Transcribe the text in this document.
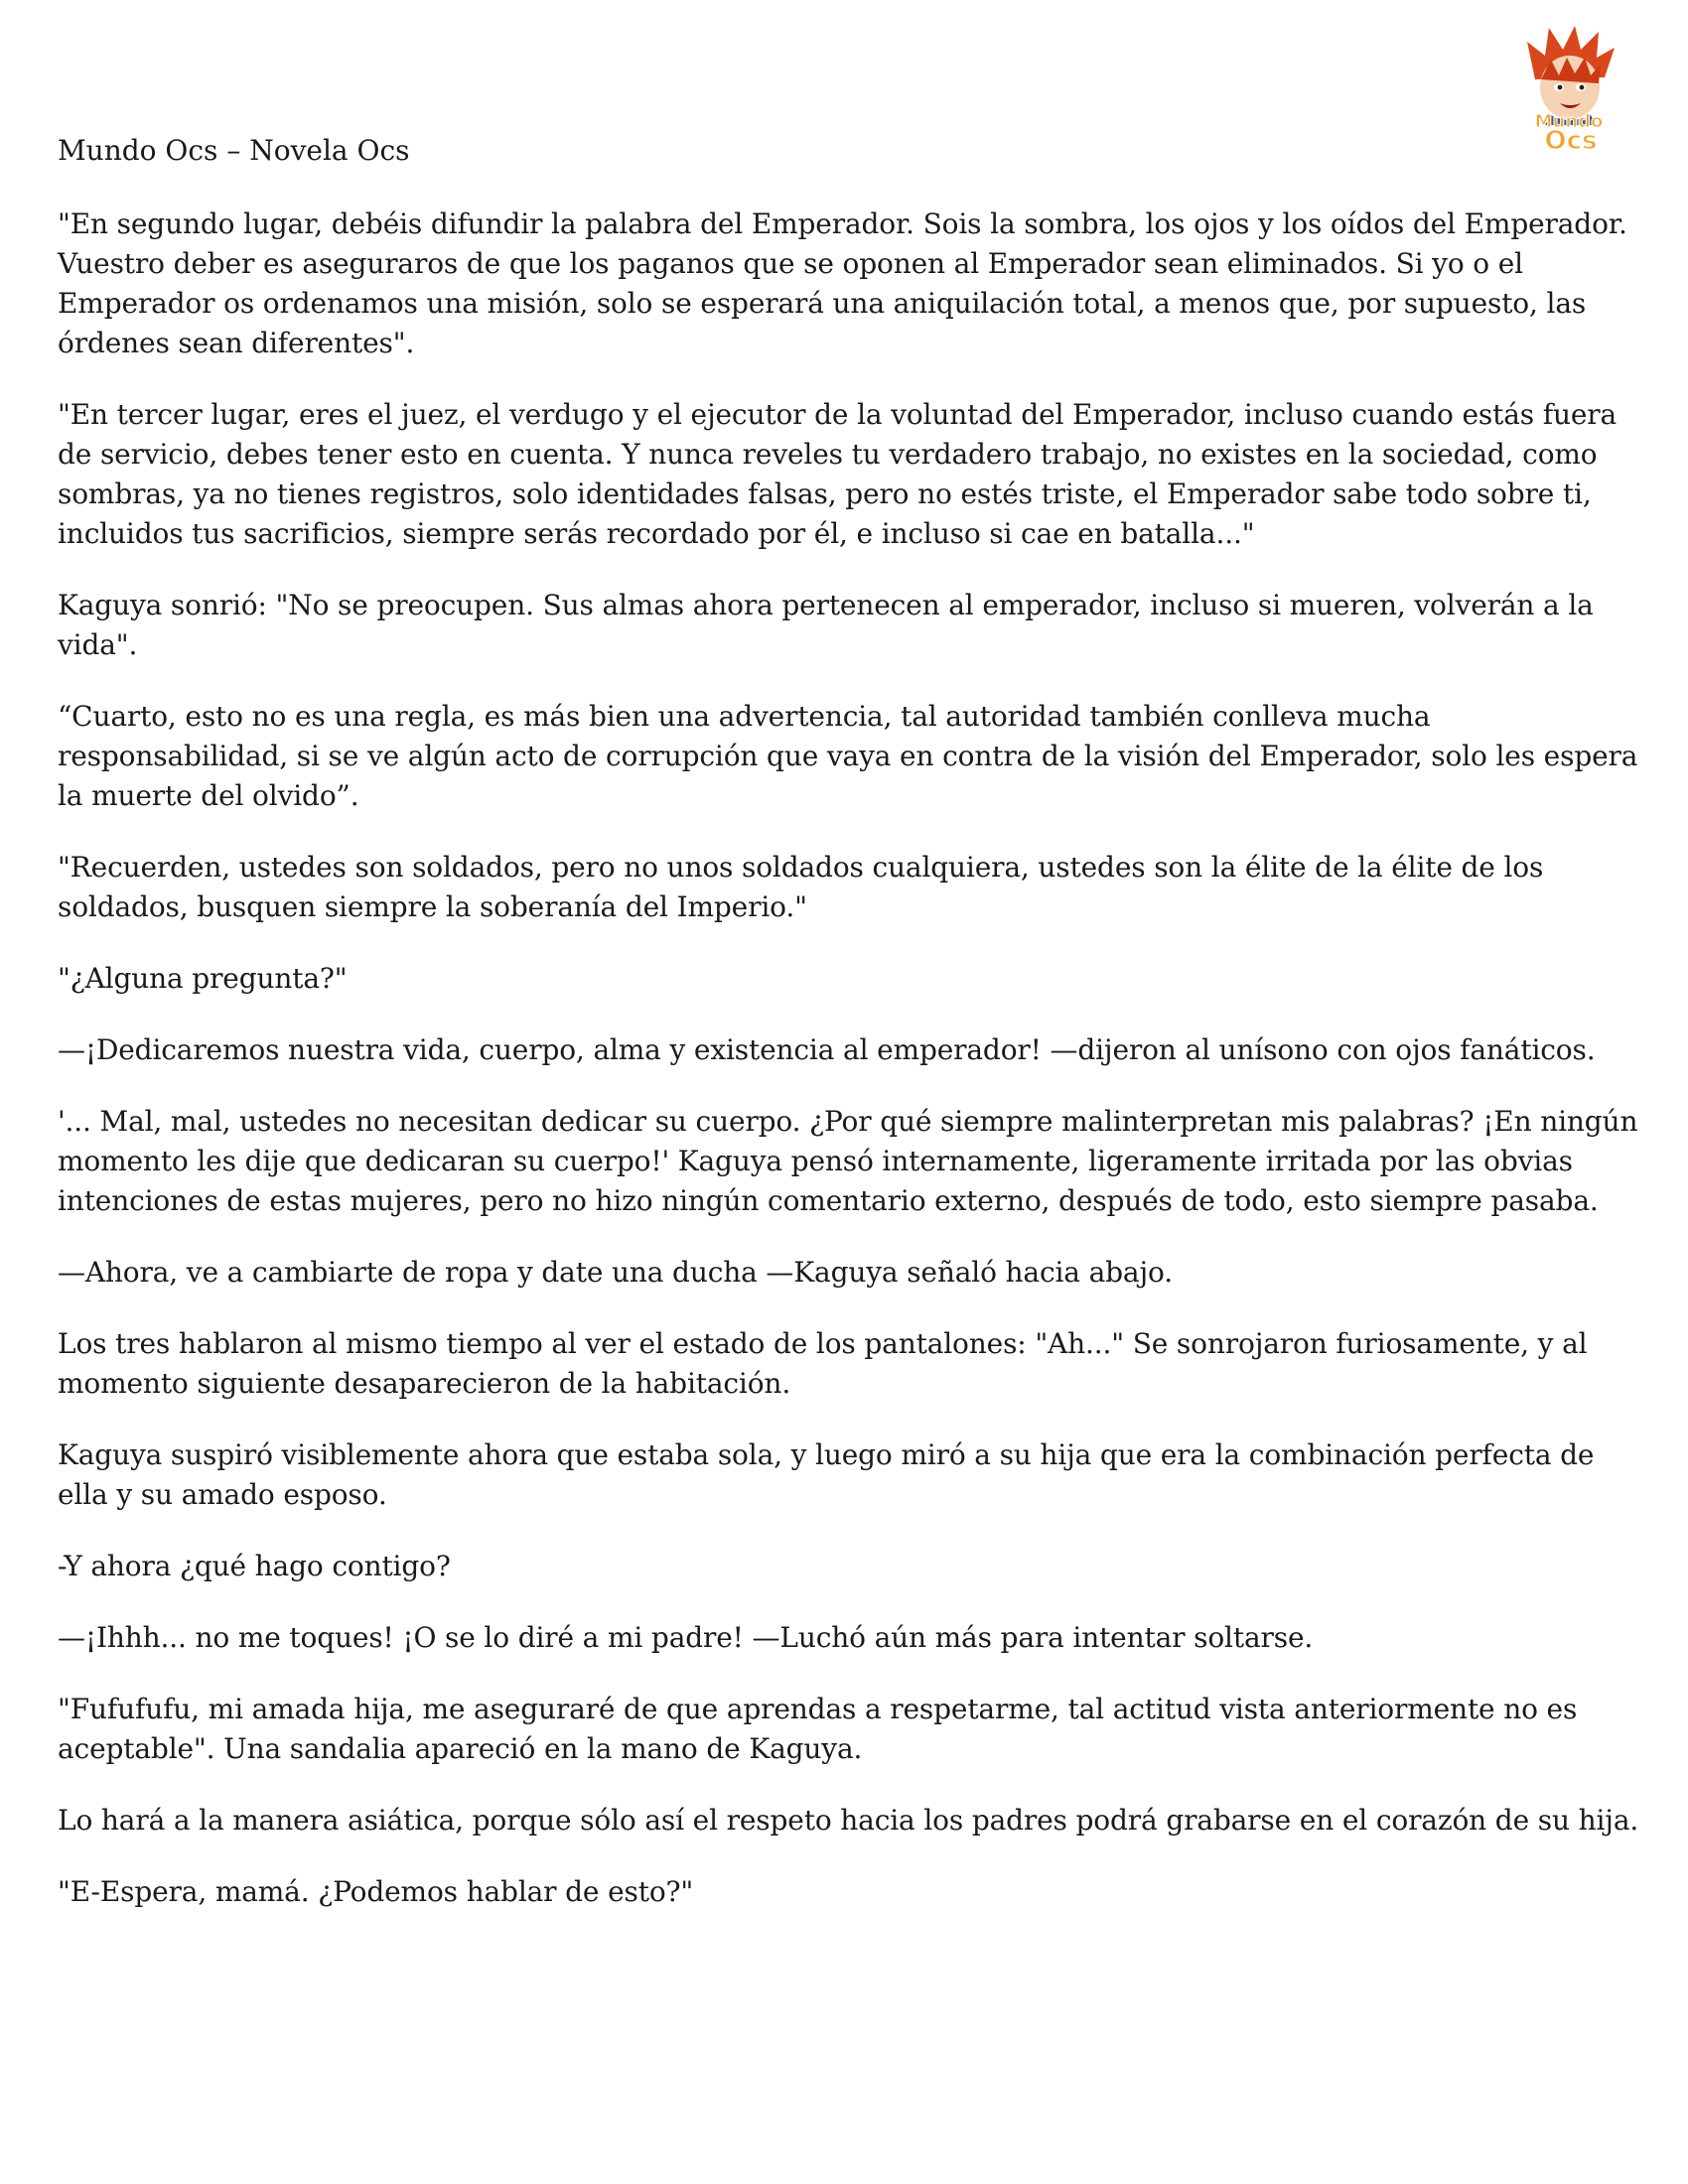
Mundo
Ocs

Mundo Ocs – Novela Ocs

"En segundo lugar, debéis difundir la palabra del Emperador. Sois la sombra, los ojos y los oídos del Emperador. Vuestro deber es aseguraros de que los paganos que se oponen al Emperador sean eliminados. Si yo o el Emperador os ordenamos una misión, solo se esperará una aniquilación total, a menos que, por supuesto, las órdenes sean diferentes".

"En tercer lugar, eres el juez, el verdugo y el ejecutor de la voluntad del Emperador, incluso cuando estás fuera de servicio, debes tener esto en cuenta. Y nunca reveles tu verdadero trabajo, no existes en la sociedad, como sombras, ya no tienes registros, solo identidades falsas, pero no estés triste, el Emperador sabe todo sobre ti, incluidos tus sacrificios, siempre serás recordado por él, e incluso si cae en batalla..."

Kaguya sonrió: "No se preocupen. Sus almas ahora pertenecen al emperador, incluso si mueren, volverán a la vida".

“Cuarto, esto no es una regla, es más bien una advertencia, tal autoridad también conlleva mucha responsabilidad, si se ve algún acto de corrupción que vaya en contra de la visión del Emperador, solo les espera la muerte del olvido”.

"Recuerden, ustedes son soldados, pero no unos soldados cualquiera, ustedes son la élite de la élite de los soldados, busquen siempre la soberanía del Imperio."

"¿Alguna pregunta?"

—¡Dedicaremos nuestra vida, cuerpo, alma y existencia al emperador! —dijeron al unísono con ojos fanáticos.

'... Mal, mal, ustedes no necesitan dedicar su cuerpo. ¿Por qué siempre malinterpretan mis palabras? ¡En ningún momento les dije que dedicaran su cuerpo!' Kaguya pensó internamente, ligeramente irritada por las obvias intenciones de estas mujeres, pero no hizo ningún comentario externo, después de todo, esto siempre pasaba.

—Ahora, ve a cambiarte de ropa y date una ducha —Kaguya señaló hacia abajo.

Los tres hablaron al mismo tiempo al ver el estado de los pantalones: "Ah..." Se sonrojaron furiosamente, y al momento siguiente desaparecieron de la habitación.

Kaguya suspiró visiblemente ahora que estaba sola, y luego miró a su hija que era la combinación perfecta de ella y su amado esposo.

-Y ahora ¿qué hago contigo?

—¡Ihhh... no me toques! ¡O se lo diré a mi padre! —Luchó aún más para intentar soltarse.

"Fufufufu, mi amada hija, me aseguraré de que aprendas a respetarme, tal actitud vista anteriormente no es aceptable". Una sandalia apareció en la mano de Kaguya.

Lo hará a la manera asiática, porque sólo así el respeto hacia los padres podrá grabarse en el corazón de su hija.

"E-Espera, mamá. ¿Podemos hablar de esto?"
